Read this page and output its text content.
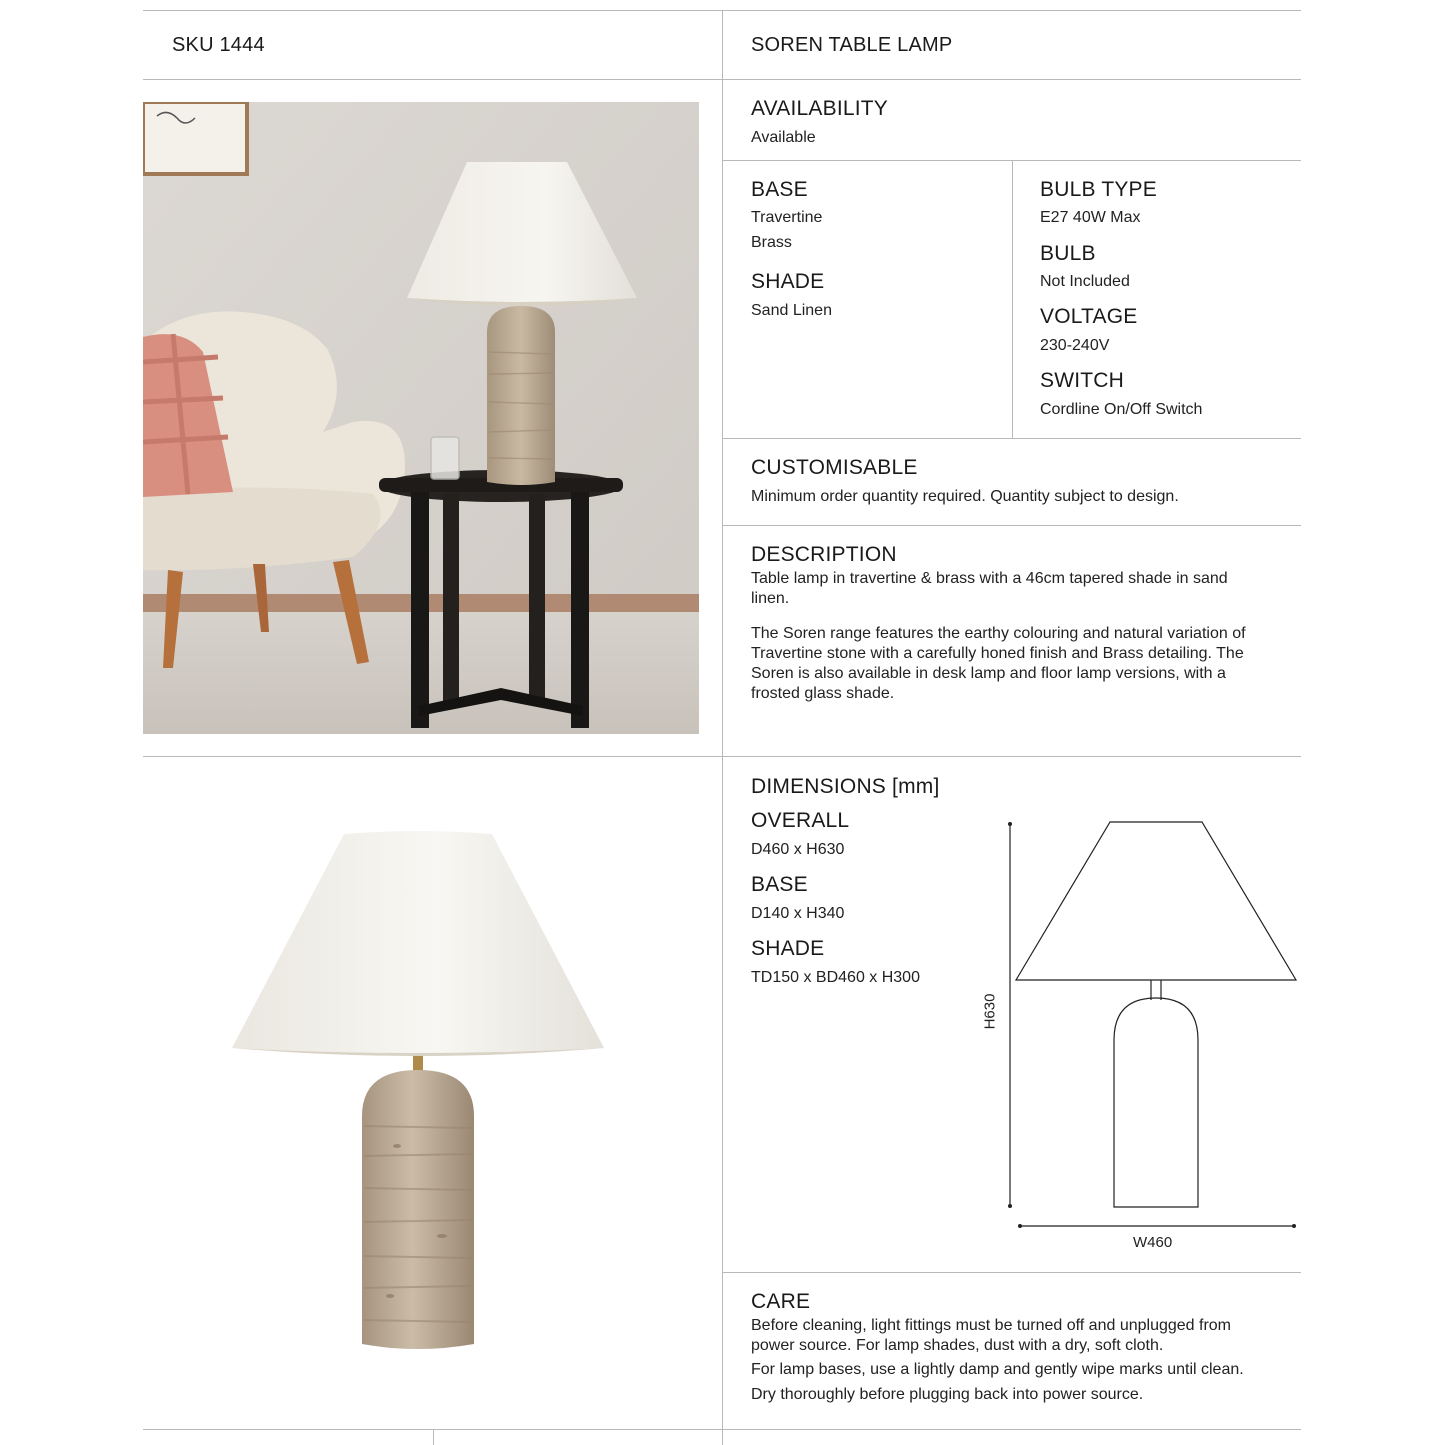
SKU 1444	SOREN TABLE LAMP
AVAILABILITY
Available
BASE
Travertine
Brass
SHADE
Sand Linen
BULB TYPE
E27 40W Max
BULB
Not Included
VOLTAGE
230-240V
SWITCH
Cordline On/Off Switch
CUSTOMISABLE
Minimum order quantity required. Quantity subject to design.
DESCRIPTION
Table lamp in travertine & brass with a 46cm tapered shade in sand linen.
The Soren range features the earthy colouring and natural variation of Travertine stone with a carefully honed finish and Brass detailing. The Soren is also available in desk lamp and floor lamp versions, with a frosted glass shade.
DIMENSIONS [mm]
OVERALL
D460 x H630
BASE
D140 x H340
SHADE
TD150 x BD460 x H300
H630
W460
CARE
Before cleaning, light fittings must be turned off and unplugged from power source. For lamp shades, dust with a dry, soft cloth.
For lamp bases, use a lightly damp and gently wipe marks until clean.
Dry thoroughly before plugging back into power source.
